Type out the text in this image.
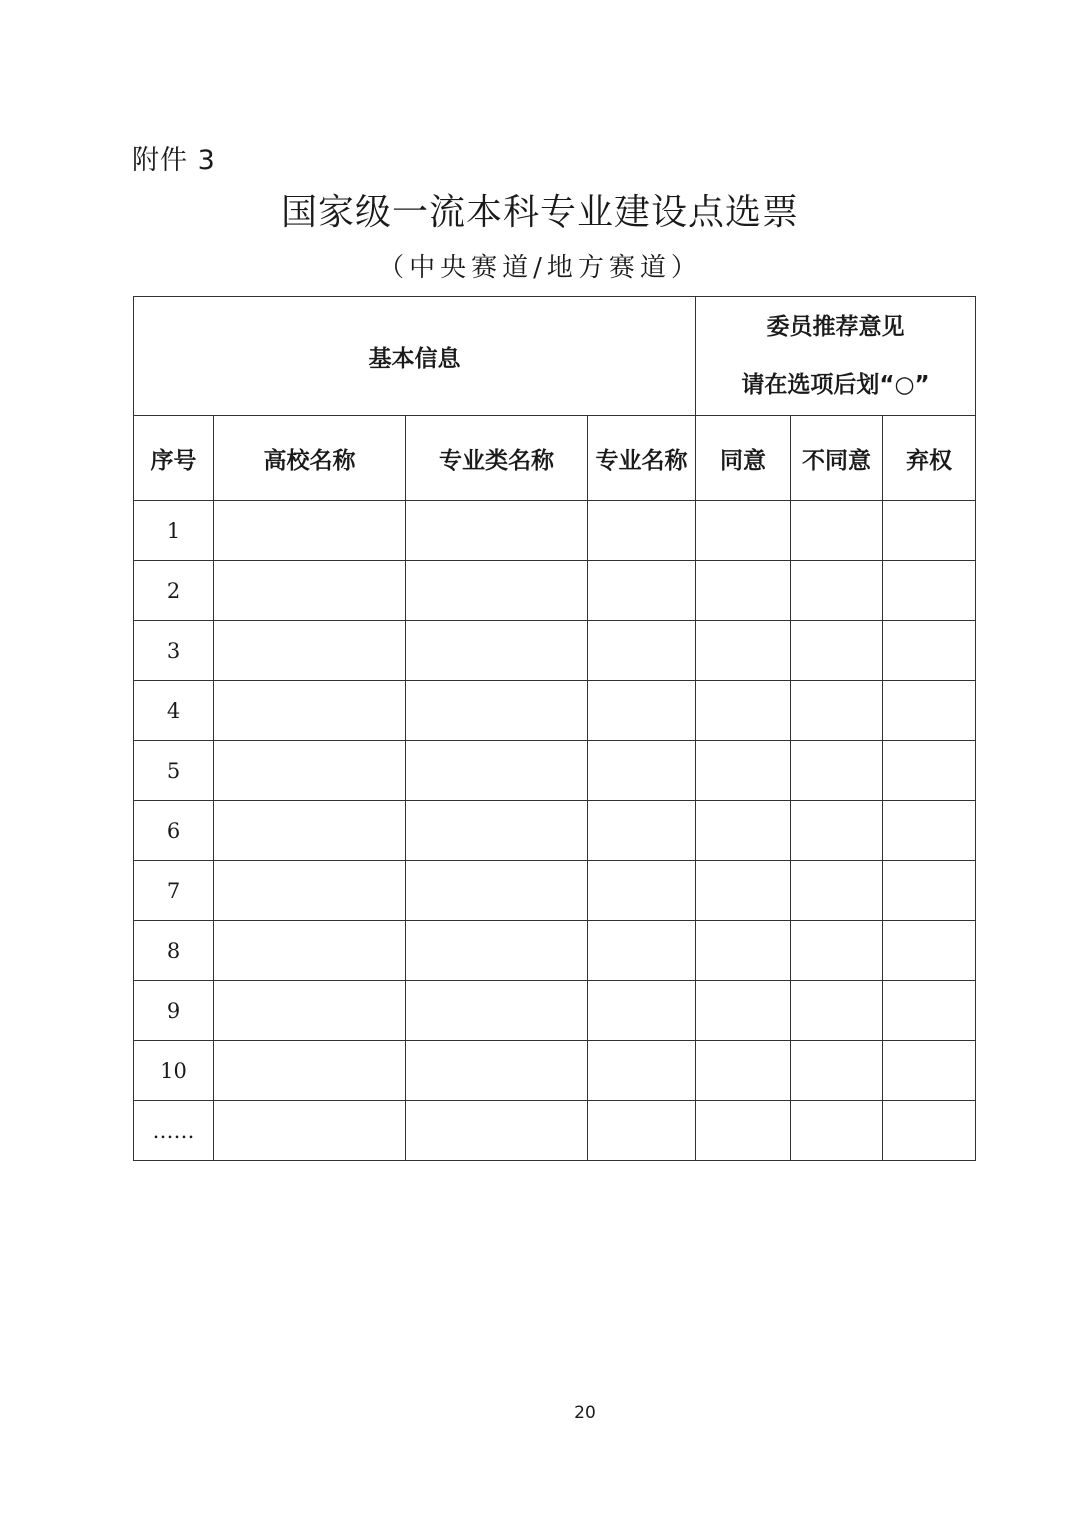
附件 3
国家级一流本科专业建设点选票
（中央赛道/地方赛道）
基本信息				委员推荐意见
请在选项后划“○”		

序号	高校名称	专业类名称	专业名称	同意	不同意	弃权
1						
2						
3						
4						
5						
6						
7						
8						
9						
10						
……						
20
